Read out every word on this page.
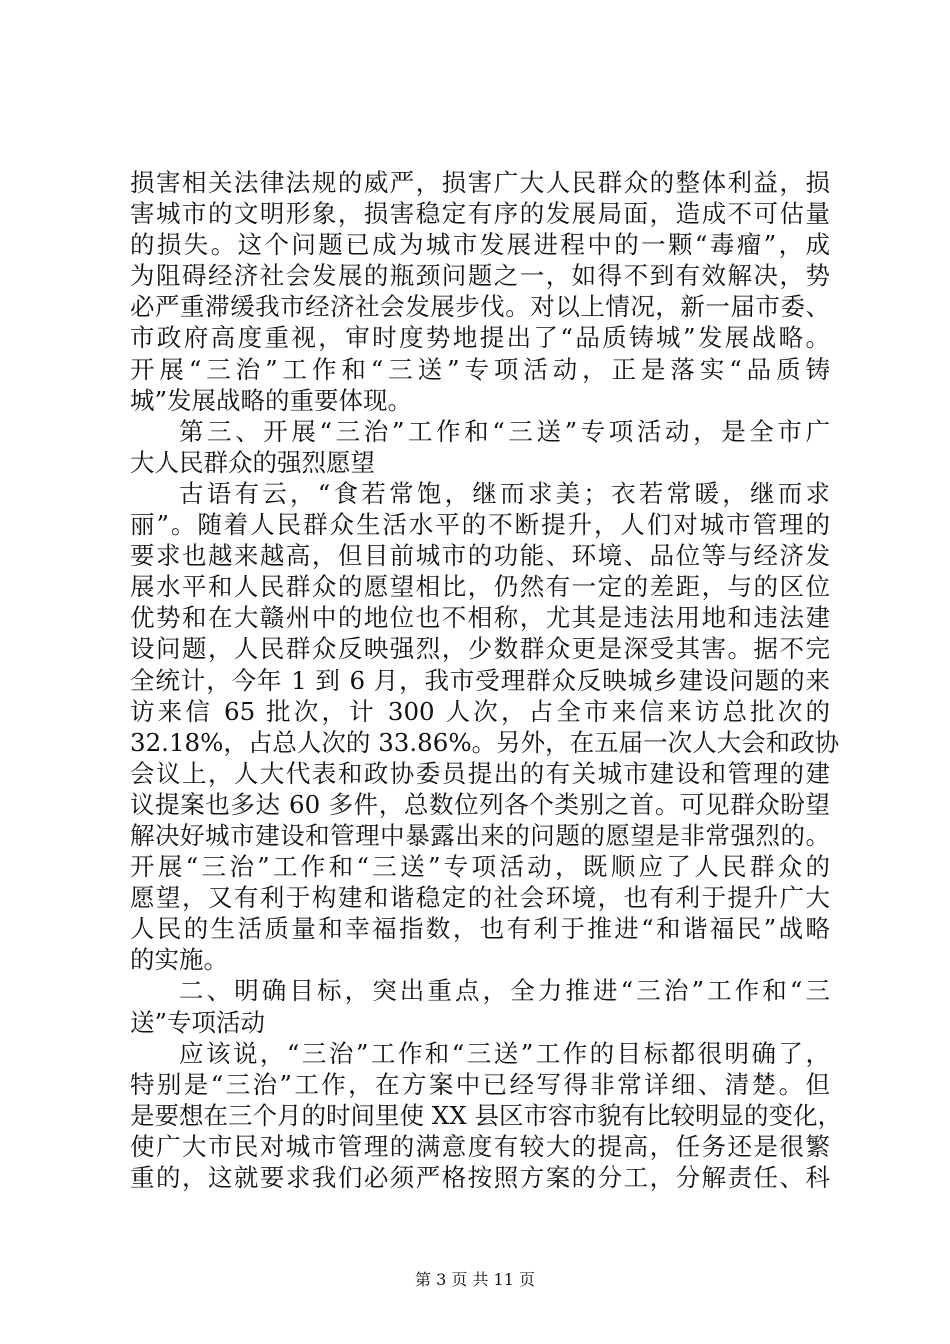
损害相关法律法规的威严，损害广大人民群众的整体利益，损
害城市的文明形象，损害稳定有序的发展局面，造成不可估量
的损失。这个问题已成为城市发展进程中的一颗“毒瘤”，成
为阻碍经济社会发展的瓶颈问题之一，如得不到有效解决，势
必严重滞缓我市经济社会发展步伐。对以上情况，新一届市委、
市政府高度重视，审时度势地提出了“品质铸城”发展战略。
开展“三治”工作和“三送”专项活动，正是落实“品质铸
城”发展战略的重要体现。
第三、开展“三治”工作和“三送”专项活动，是全市广
大人民群众的强烈愿望
古语有云，“食若常饱，继而求美；衣若常暖，继而求
丽”。随着人民群众生活水平的不断提升，人们对城市管理的
要求也越来越高，但目前城市的功能、环境、品位等与经济发
展水平和人民群众的愿望相比，仍然有一定的差距，与的区位
优势和在大赣州中的地位也不相称，尤其是违法用地和违法建
设问题，人民群众反映强烈，少数群众更是深受其害。据不完
全统计，今年 1 到 6 月，我市受理群众反映城乡建设问题的来
访来信 65 批次，计 300 人次，占全市来信来访总批次的
32.18%，占总人次的 33.86%。另外，在五届一次人大会和政协
会议上，人大代表和政协委员提出的有关城市建设和管理的建
议提案也多达 60 多件，总数位列各个类别之首。可见群众盼望
解决好城市建设和管理中暴露出来的问题的愿望是非常强烈的。
开展“三治”工作和“三送”专项活动，既顺应了人民群众的
愿望，又有利于构建和谐稳定的社会环境，也有利于提升广大
人民的生活质量和幸福指数，也有利于推进“和谐福民”战略
的实施。
二、明确目标，突出重点，全力推进“三治”工作和“三
送”专项活动
应该说，“三治”工作和“三送”工作的目标都很明确了，
特别是“三治”工作，在方案中已经写得非常详细、清楚。但
是要想在三个月的时间里使 XX 县区市容市貌有比较明显的变化，
使广大市民对城市管理的满意度有较大的提高，任务还是很繁
重的，这就要求我们必须严格按照方案的分工，分解责任、科
第 3 页 共 11 页
